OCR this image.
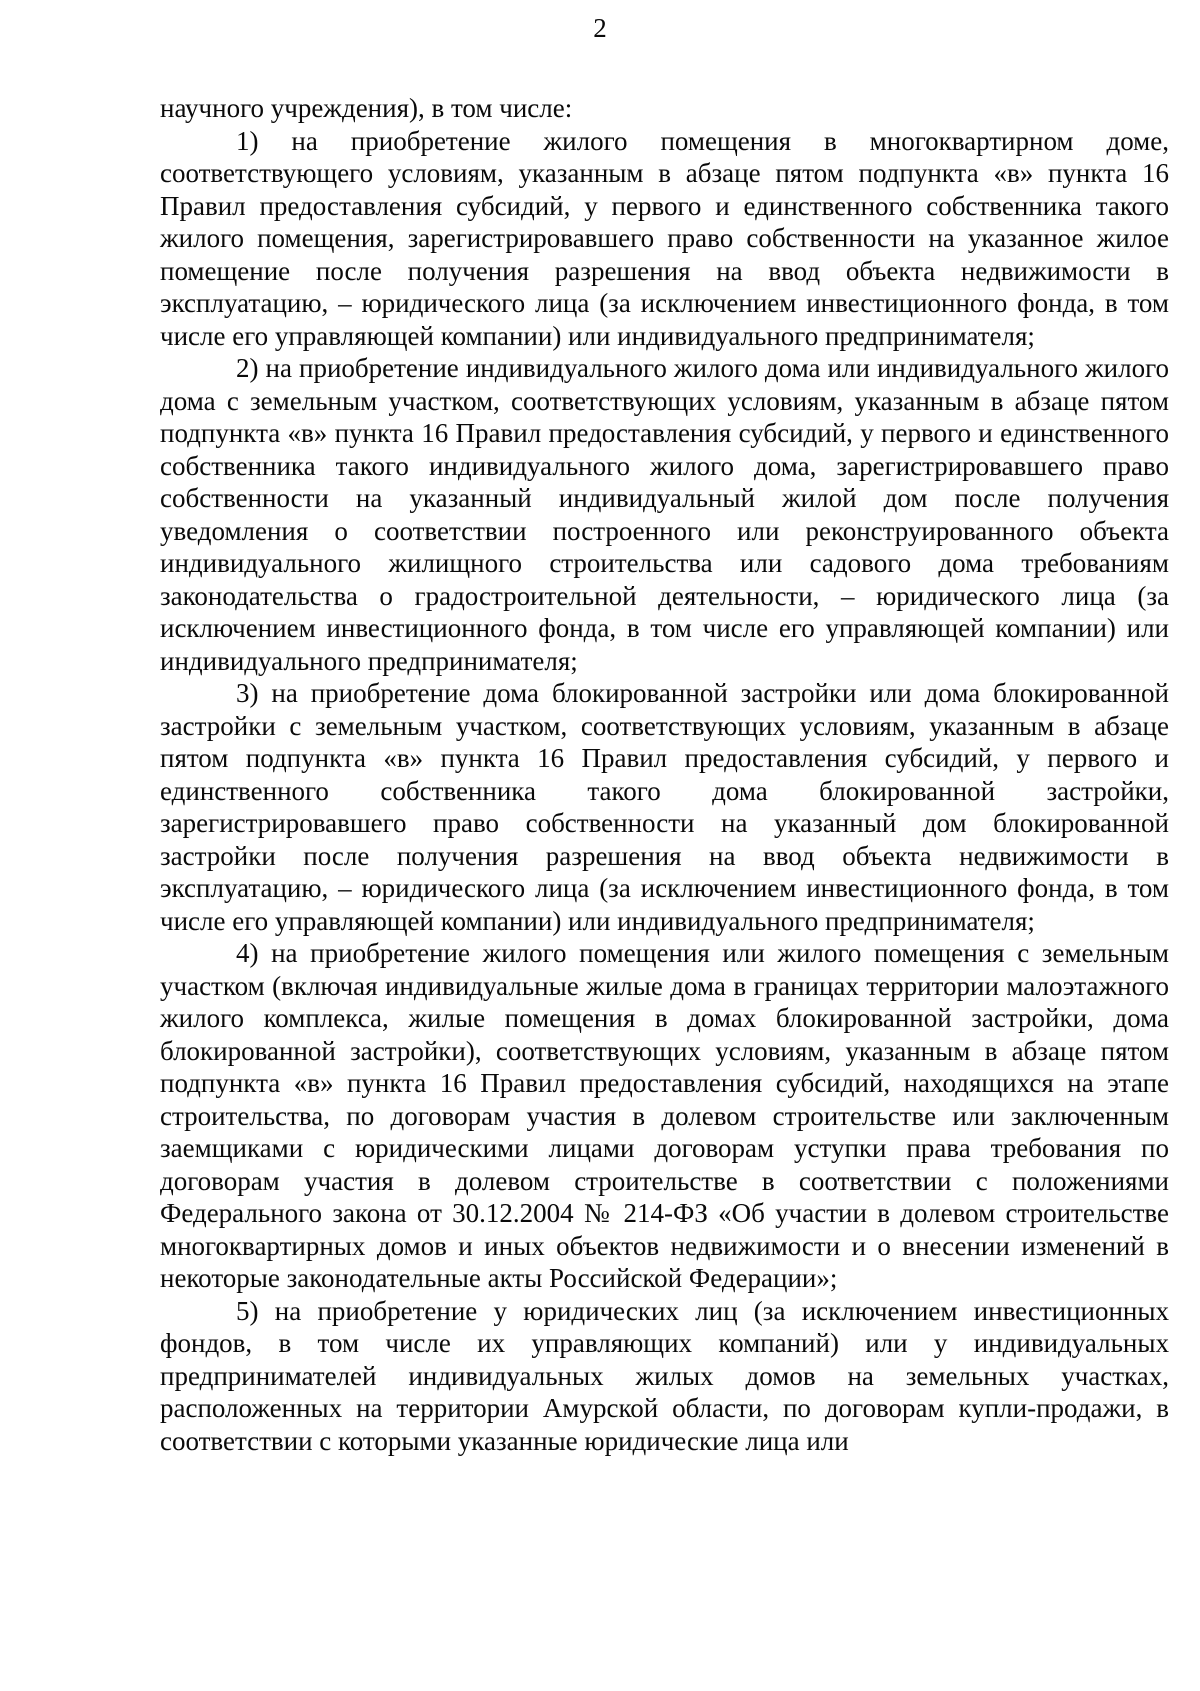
2

научного учреждения), в том числе:

1) на приобретение жилого помещения в многоквартирном доме, соответствующего условиям, указанным в абзаце пятом подпункта «в» пункта 16 Правил предоставления субсидий, у первого и единственного собственника такого жилого помещения, зарегистрировавшего право собственности на указанное жилое помещение после получения разрешения на ввод объекта недвижимости в эксплуатацию, – юридического лица (за исключением инвестиционного фонда, в том числе его управляющей компании) или индивидуального предпринимателя;

2) на приобретение индивидуального жилого дома или индивидуального жилого дома с земельным участком, соответствующих условиям, указанным в абзаце пятом подпункта «в» пункта 16 Правил предоставления субсидий, у первого и единственного собственника такого индивидуального жилого дома, зарегистрировавшего право собственности на указанный индивидуальный жилой дом после получения уведомления о соответствии построенного или реконструированного объекта индивидуального жилищного строительства или садового дома требованиям законодательства о градостроительной деятельности, – юридического лица (за исключением инвестиционного фонда, в том числе его управляющей компании) или индивидуального предпринимателя;

3) на приобретение дома блокированной застройки или дома блокированной застройки с земельным участком, соответствующих условиям, указанным в абзаце пятом подпункта «в» пункта 16 Правил предоставления субсидий, у первого и единственного собственника такого дома блокированной застройки, зарегистрировавшего право собственности на указанный дом блокированной застройки после получения разрешения на ввод объекта недвижимости в эксплуатацию, – юридического лица (за исключением инвестиционного фонда, в том числе его управляющей компании) или индивидуального предпринимателя;

4) на приобретение жилого помещения или жилого помещения с земельным участком (включая индивидуальные жилые дома в границах территории малоэтажного жилого комплекса, жилые помещения в домах блокированной застройки, дома блокированной застройки), соответствующих условиям, указанным в абзаце пятом подпункта «в» пункта 16 Правил предоставления субсидий, находящихся на этапе строительства, по договорам участия в долевом строительстве или заключенным заемщиками с юридическими лицами договорам уступки права требования по договорам участия в долевом строительстве в соответствии с положениями Федерального закона от 30.12.2004 № 214-ФЗ «Об участии в долевом строительстве многоквартирных домов и иных объектов недвижимости и о внесении изменений в некоторые законодательные акты Российской Федерации»;

5) на приобретение у юридических лиц (за исключением инвестиционных фондов, в том числе их управляющих компаний) или у индивидуальных предпринимателей индивидуальных жилых домов на земельных участках, расположенных на территории Амурской области, по договорам купли-продажи, в соответствии с которыми указанные юридические лица или
